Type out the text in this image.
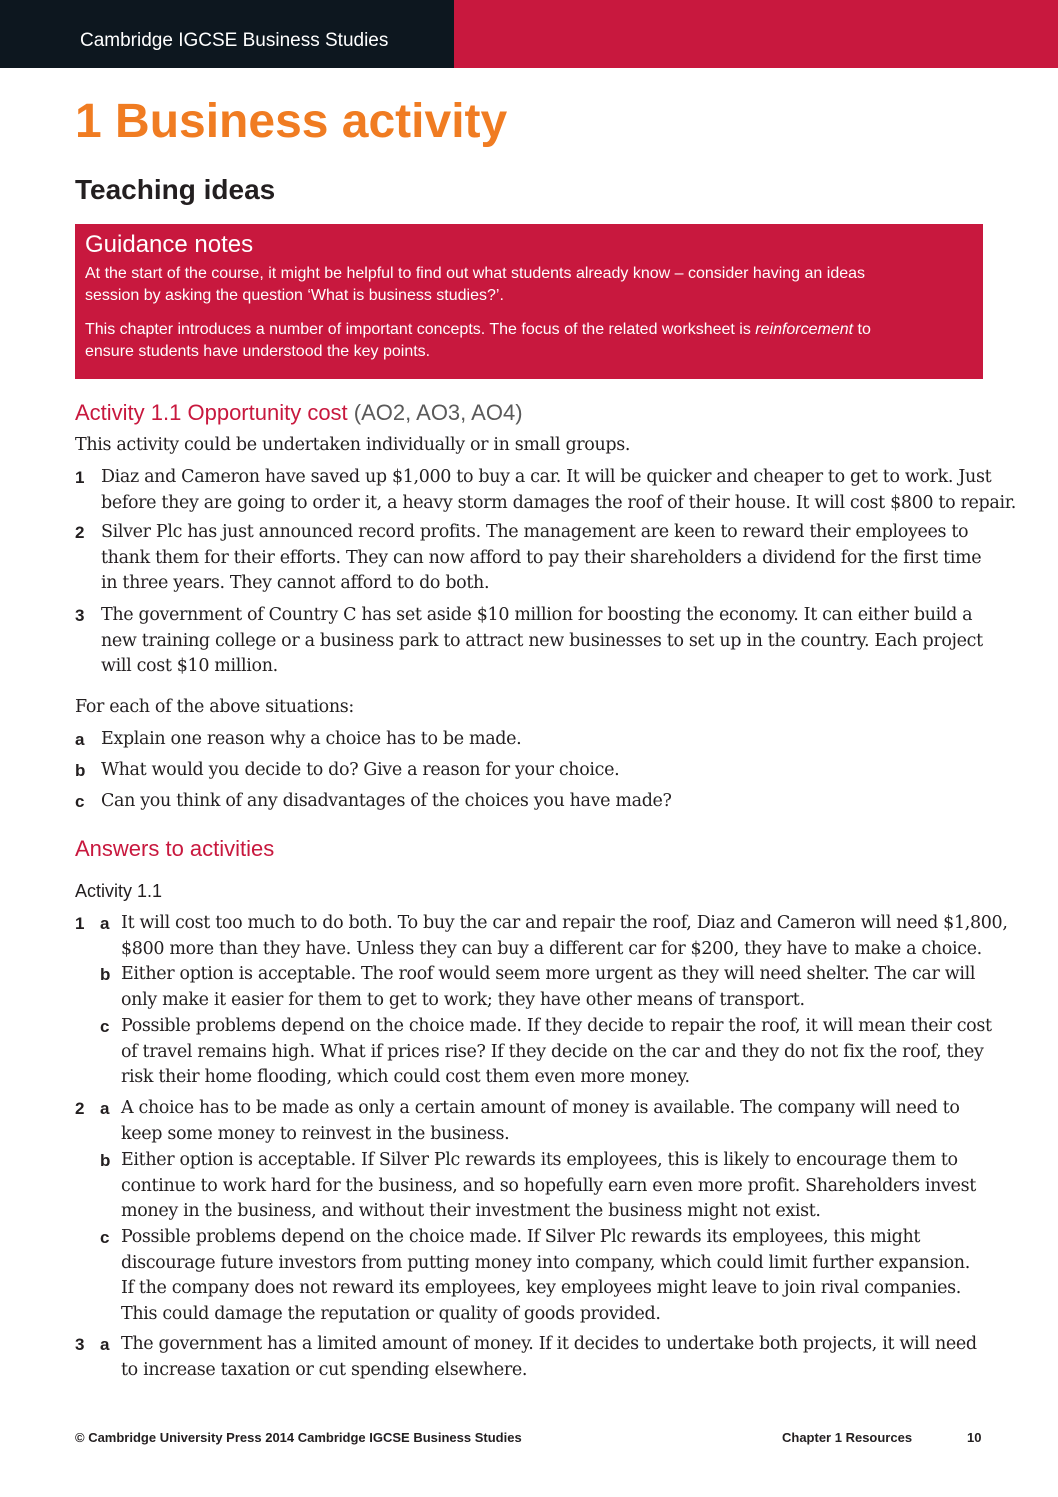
Cambridge IGCSE Business Studies
1 Business activity
Teaching ideas
Guidance notes

At the start of the course, it might be helpful to find out what students already know – consider having an ideas
session by asking the question ‘What is business studies?’.

This chapter introduces a number of important concepts. The focus of the related worksheet is reinforcement to
ensure students have understood the key points.

Activity 1.1 Opportunity cost (AO2, AO3, AO4)

This activity could be undertaken individually or in small groups.

1 Diaz and Cameron have saved up $1,000 to buy a car. It will be quicker and cheaper to get to work. Just
before they are going to order it, a heavy storm damages the roof of their house. It will cost $800 to repair.

2 Silver Plc has just announced record profits. The management are keen to reward their employees to
thank them for their efforts. They can now afford to pay their shareholders a dividend for the first time
in three years. They cannot afford to do both.

3 The government of Country C has set aside $10 million for boosting the economy. It can either build a
new training college or a business park to attract new businesses to set up in the country. Each project
will cost $10 million.

For each of the above situations:

a Explain one reason why a choice has to be made.

b What would you decide to do? Give a reason for your choice.

c Can you think of any disadvantages of the choices you have made?

Answers to activities
Activity 1.1
1 a It will cost too much to do both. To buy the car and repair the roof, Diaz and Cameron will need $1,800,
$800 more than they have. Unless they can buy a different car for $200, they have to make a choice.

b Either option is acceptable. The roof would seem more urgent as they will need shelter. The car will
only make it easier for them to get to work; they have other means of transport.

c Possible problems depend on the choice made. If they decide to repair the roof, it will mean their cost
of travel remains high. What if prices rise? If they decide on the car and they do not fix the roof, they
risk their home flooding, which could cost them even more money.

2 a A choice has to be made as only a certain amount of money is available. The company will need to
keep some money to reinvest in the business.

b Either option is acceptable. If Silver Plc rewards its employees, this is likely to encourage them to
continue to work hard for the business, and so hopefully earn even more profit. Shareholders invest
money in the business, and without their investment the business might not exist.

c Possible problems depend on the choice made. If Silver Plc rewards its employees, this might
discourage future investors from putting money into company, which could limit further expansion.
If the company does not reward its employees, key employees might leave to join rival companies.
This could damage the reputation or quality of goods provided.

3 a The government has a limited amount of money. If it decides to undertake both projects, it will need
to increase taxation or cut spending elsewhere.

© Cambridge University Press 2014 Cambridge IGCSE Business Studies	Chapter 1 Resources	10
